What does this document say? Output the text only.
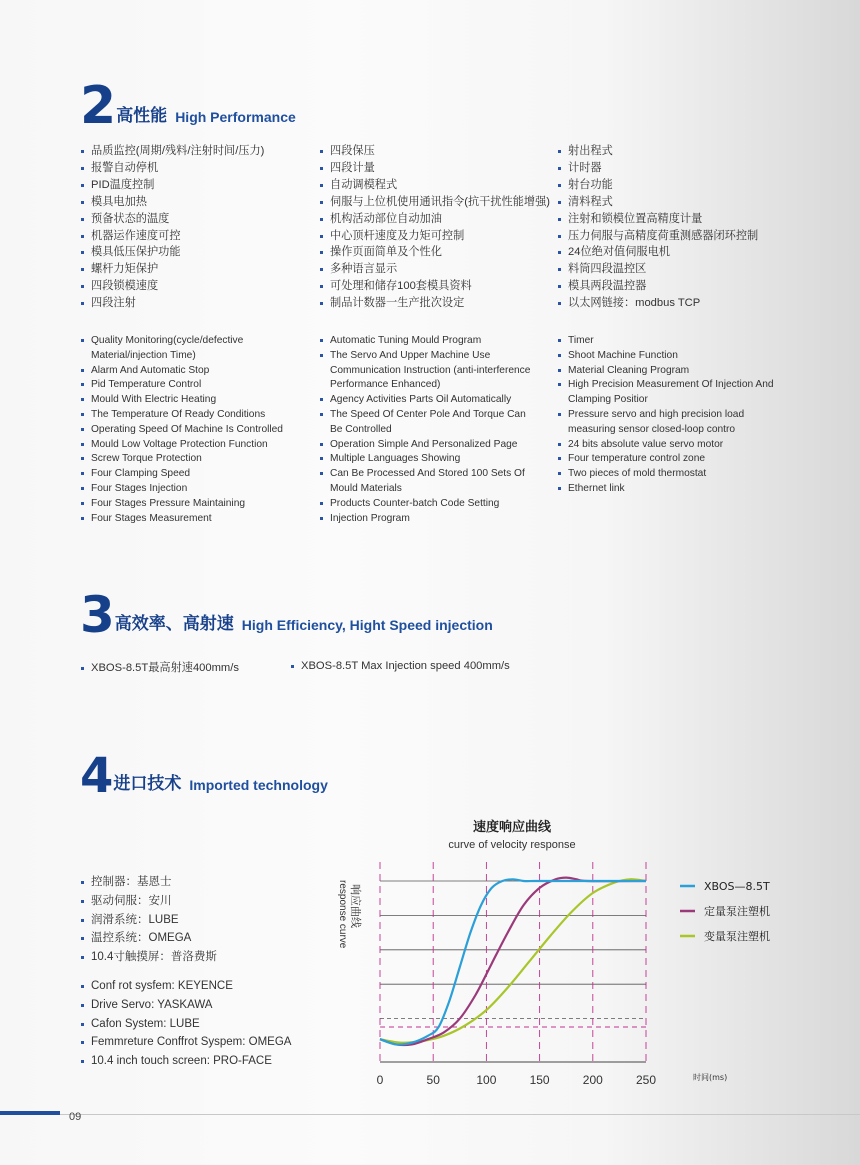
2 高性能 High Performance
品质监控(周期/残料/注射时间/压力)
报警自动停机
PID温度控制
模具电加热
预备状态的温度
机器运作速度可控
模具低压保护功能
螺杆力矩保护
四段锁模速度
四段注射
四段保压
四段计量
自动调模程式
伺服与上位机使用通讯指令(抗干扰性能增强)
机构活动部位自动加油
中心顶杆速度及力矩可控制
操作页面简单及个性化
多种语言显示
可处理和储存100套模具资料
制品计数器一生产批次设定
射出程式
计时器
射台功能
清料程式
注射和锁模位置高精度计量
压力伺服与高精度荷重测感器闭环控制
24位绝对值伺服电机
料筒四段温控区
模具两段温控器
以太网链接：modbus TCP
Quality Monitoring(cycle/defective Material/injection Time)
Alarm And Automatic Stop
Pid Temperature Control
Mould With Electric Heating
The Temperature Of Ready Conditions
Operating Speed Of Machine Is Controlled
Mould Low Voltage Protection Function
Screw Torque Protection
Four Clamping Speed
Four Stages Injection
Four Stages Pressure Maintaining
Four Stages Measurement
Automatic Tuning Mould Program
The Servo And Upper Machine Use Communication Instruction (anti-interference Performance Enhanced)
Agency Activities Parts Oil Automatically
The Speed Of Center Pole And Torque Can Be Controlled
Operation Simple And Personalized Page
Multiple Languages Showing
Can Be Processed And Stored 100 Sets Of Mould Materials
Products Counter-batch Code Setting
Injection Program
Timer
Shoot Machine Function
Material Cleaning Program
High Precision Measurement Of Injection And Clamping Positior
Pressure servo and high precision load measuring sensor closed-loop contro
24 bits absolute value servo motor
Four temperature control zone
Two pieces of mold thermostat
Ethernet link
3 高效率、高射速 High Efficiency, Hight Speed injection
XBOS-8.5T最高射速400mm/s	XBOS-8.5T Max Injection speed 400mm/s
4 进口技术 Imported technology
控制器：基恩士
驱动伺服：安川
润滑系统：LUBE
温控系统：OMEGA
10.4寸触摸屏：普洛费斯
Conf rot sysfem: KEYENCE
Drive Servo: YASKAWA
Cafon System: LUBE
Femmreture Conffrot Syspem: OMEGA
10.4 inch touch screen: PRO-FACE
速度响应曲线
curve of velocity response
响应曲线
response curve
0	50	100	150	200	250	时间(ms)
XBOS—8.5T
定量泵注塑机
变量泵注塑机
09
